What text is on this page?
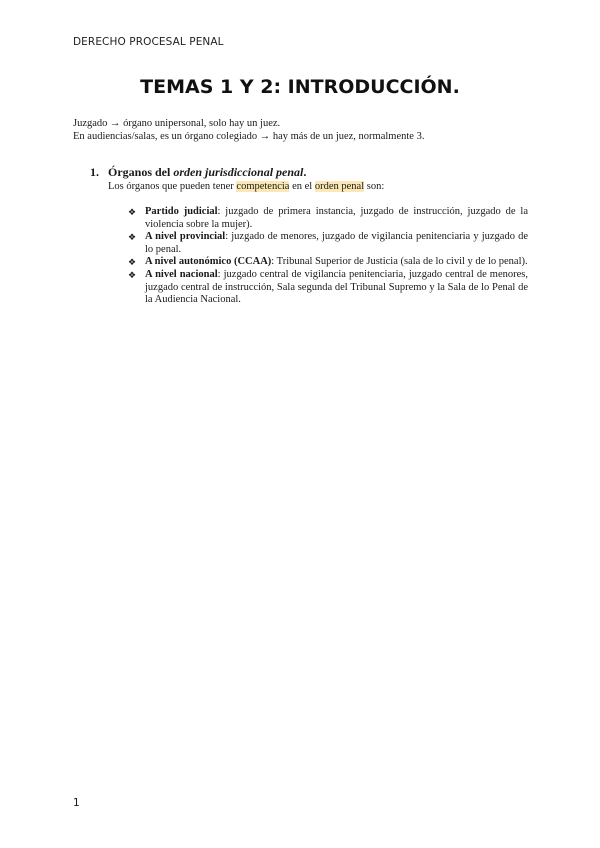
DERECHO PROCESAL PENAL
TEMAS 1 Y 2: INTRODUCCIÓN.
Juzgado → órgano unipersonal, solo hay un juez.
En audiencias/salas, es un órgano colegiado → hay más de un juez, normalmente 3.
1. Órganos del orden jurisdiccional penal.
Los órganos que pueden tener competencia en el orden penal son:
❖ Partido judicial: juzgado de primera instancia, juzgado de instrucción, juzgado de la violencia sobre la mujer).
❖ A nivel provincial: juzgado de menores, juzgado de vigilancia penitenciaria y juzgado de lo penal.
❖ A nivel autonómico (CCAA): Tribunal Superior de Justicia (sala de lo civil y de lo penal).
❖ A nivel nacional: juzgado central de vigilancia penitenciaria, juzgado central de menores, juzgado central de instrucción, Sala segunda del Tribunal Supremo y la Sala de lo Penal de la Audiencia Nacional.
1
